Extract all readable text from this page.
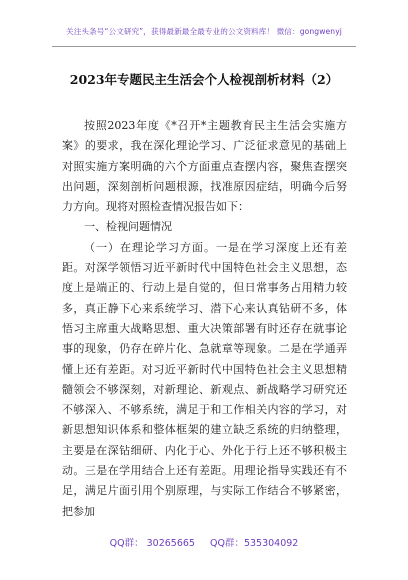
关注头条号“公文研究”，获得最新最全最专业的公文资料库！ 微信：gongwenyj
2023年专题民主生活会个人检视剖析材料（2）

按照2023年度《*召开*主题教育民主生活会实施方案》的要求，我在深化理论学习、广泛征求意见的基础上对照实施方案明确的六个方面重点查摆内容，聚焦查摆突出问题，深刻剖析问题根源，找准原因症结，明确今后努力方向。现将对照检查情况报告如下：

一、检视问题情况

（一）在理论学习方面。一是在学习深度上还有差距。对深学领悟习近平新时代中国特色社会主义思想，态度上是端正的、行动上是自觉的，但日常事务占用精力较多，真正静下心来系统学习、潜下心来认真钻研不多，体悟习主席重大战略思想、重大决策部署有时还存在就事论事的现象，仍存在碎片化、急就章等现象。二是在学通弄懂上还有差距。对习近平新时代中国特色社会主义思想精髓领会不够深刻，对新理论、新观点、新战略学习研究还不够深入、不够系统，满足于和工作相关内容的学习，对新思想知识体系和整体框架的建立缺乏系统的归纳整理，主要是在深钻细研、内化于心、外化于行上还不够积极主动。三是在学用结合上还有差距。用理论指导实践还有不足，满足片面引用个别原理，与实际工作结合不够紧密，把参加

QQ群： 30265665 QQ群：535304092
